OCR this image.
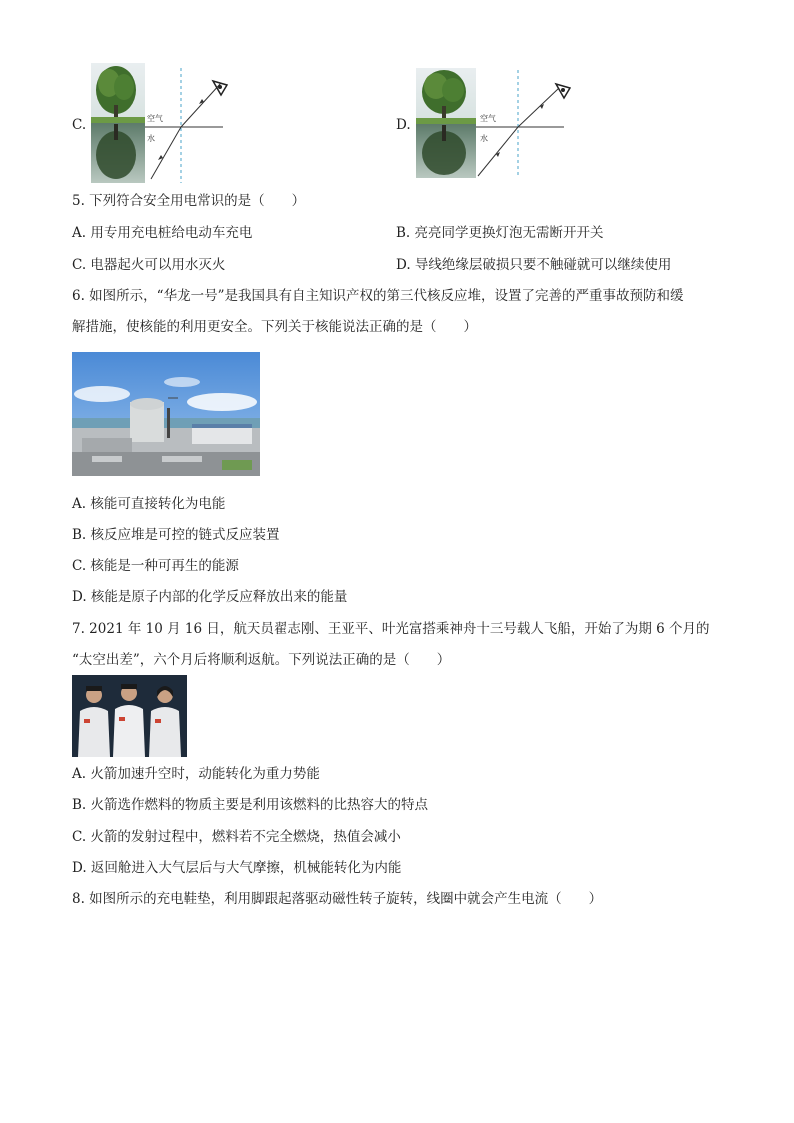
C.	空气
水
D.	空气
水
5. 下列符合安全用电常识的是（　　）
A. 用专用充电桩给电动车充电	B. 亮亮同学更换灯泡无需断开开关
C. 电器起火可以用水灭火	D. 导线绝缘层破损只要不触碰就可以继续使用
6. 如图所示，“华龙一号”是我国具有自主知识产权的第三代核反应堆，设置了完善的严重事故预防和缓
解措施，使核能的利用更安全。下列关于核能说法正确的是（　　）
A. 核能可直接转化为电能
B. 核反应堆是可控的链式反应装置
C. 核能是一种可再生的能源
D. 核能是原子内部的化学反应释放出来的能量
7. 2021 年 10 月 16 日，航天员翟志刚、王亚平、叶光富搭乘神舟十三号载人飞船，开始了为期 6 个月的
“太空出差”，六个月后将顺利返航。下列说法正确的是（　　）
A. 火箭加速升空时，动能转化为重力势能
B. 火箭选作燃料的物质主要是利用该燃料的比热容大的特点
C. 火箭的发射过程中，燃料若不完全燃烧，热值会减小
D. 返回舱进入大气层后与大气摩擦，机械能转化为内能
8. 如图所示的充电鞋垫，利用脚跟起落驱动磁性转子旋转，线圈中就会产生电流（　　）
